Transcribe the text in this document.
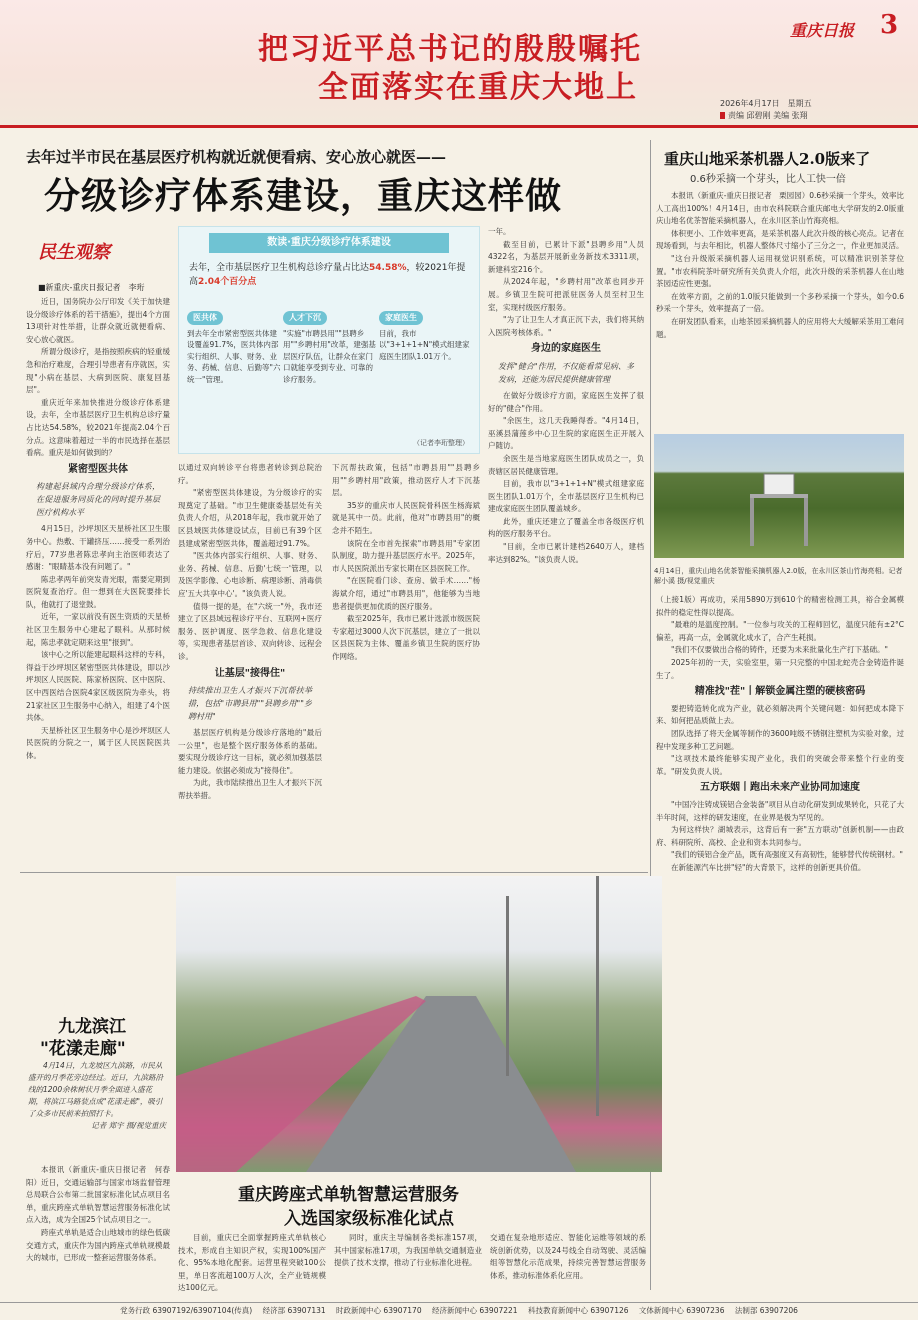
把习近平总书记的殷殷嘱托
全面落实在重庆大地上
重庆日报 3
2026年4月17日　星期五
责编 邱碧刚 美编 张翔
去年过半市民在基层医疗机构就近就便看病、安心放心就医——
分级诊疗体系建设，重庆这样做
民生观察
■新重庆-重庆日报记者　李珩

近日，国务院办公厅印发《关于加快建设分级诊疗体系的若干措施》，提出4个方面13项针对性举措，让群众就近就便看病、安心放心就医。

所谓分级诊疗，是指按照疾病的轻重缓急和治疗难度，合理引导患者有序就医，实现"小病在基层、大病到医院、康复回基层"。

重庆近年来加快推进分级诊疗体系建设，去年，全市基层医疗卫生机构总诊疗量占比达54.58%，较2021年提高2.04个百分点。这意味着超过一半的市民选择在基层看病。重庆是如何做到的？

紧密型医共体
构建起县域内合理分级诊疗体系，在促进服务同质化的同时提升基层医疗机构水平

4月15日，沙坪坝区天星桥社区卫生服务中心。热敷、干罐挤压……接受一系列治疗后，77岁患者陈忠孝向主治医师表达了感谢："眼睛基本没有问题了。"

陈忠孝两年前突发青光眼，需要定期到医院复查治疗。但一想到在大医院要排长队，他就打了退堂鼓。

近年，一家以前没有医生资质的天星桥社区卫生服务中心建起了眼科。从那时候起，陈忠孝就定期来这里"报到"。

该中心之所以能建起眼科这样的专科，得益于沙坪坝区紧密型医共体建设，即以沙坪坝区人民医院、陈家桥医院、区中医院、区中西医结合医院4家区级医院为牵头，将21家社区卫生服务中心纳入，组建了4个医共体。

天星桥社区卫生服务中心是沙坪坝区人民医院的分院之一，属于区人民医院医共体。

数读·重庆分级诊疗体系建设
去年，全市基层医疗卫生机构总诊疗量占比达54.58%，较2021年提高2.04个百分点
医共体
到去年全市紧密型医共体建设覆盖91.7%，医共体内部实行组织、人事、财务、业务、药械、信息、后勤等"六统一"管理。
人才下沉
"实施"市聘县用""县聘乡用""乡聘村用"改革，建强基层医疗队伍，让群众在家门口就能享受到专业、可靠的诊疗服务。
家庭医生
目前，我市以"3+1+1+N"模式组建家庭医生团队1.01万个。
（记者李珩整理）

以通过双向转诊平台将患者转诊到总院治疗。

"紧密型医共体建设，为分级诊疗的实现奠定了基础。"市卫生健康委基层处有关负责人介绍，从2018年起，我市就开始了区县域医共体建设试点，目前已有39个区县建成紧密型医共体，覆盖超过91.7%。

"医共体内部实行组织、人事、财务、业务、药械、信息、后勤'七统一'管理，以及医学影像、心电诊断、病理诊断、消毒供应'五大共享中心'。"该负责人说。

值得一提的是，在"六统一"外，我市还建立了区县域远程诊疗平台、互联网+医疗服务、医护调度、医学急救、信息化建设等，实现患者基层首诊、双向转诊、远程会诊。

让基层"接得住"
持续推出卫生人才振兴下沉帮扶举措，包括"市聘县用""县聘乡用""乡聘村用"

基层医疗机构是分级诊疗落地的"最后一公里"，也是整个医疗服务体系的基础。要实现分级诊疗这一目标，就必须加强基层能力建设。依据必须成为"接得住"。

为此，我市陆续推出卫生人才振兴下沉帮扶举措。

下沉帮扶政策，包括"市聘县用""县聘乡用""乡聘村用"政策，推动医疗人才下沉基层。

35岁的重庆市人民医院骨科医生杨海斌就是其中一员。此前，他对"市聘县用"的概念并不陌生。

该院在全市首先探索"市聘县用"专家团队制度，助力提升基层医疗水平。2025年，市人民医院派出专家长期在区县医院工作。

"在医院看门诊、查房、做手术……"杨海斌介绍，通过"市聘县用"，他能够为当地患者提供更加优质的医疗服务。

截至2025年，我市已累计选派市级医院专家超过3000人次下沉基层，建立了一批以区县医院为主体、覆盖乡镇卫生院的医疗协作网络。

一年。

截至目前，已累计下派"县聘乡用"人员4322名，为基层开展新业务新技术3311项，新建科室216个。

从2024年起，"乡聘村用"改革也同步开展。乡镇卫生院可把派驻医务人员至村卫生室，实现村级医疗服务。

"为了让卫生人才真正沉下去，我们将其纳入医院考核体系。"

身边的家庭医生
发挥"健合"作用，不仅能看常见病、多发病，还能为居民提供健康管理

在做好分级诊疗方面，家庭医生发挥了很好的"健合"作用。

"余医生，这几天我睡得香。"4月14日，巫溪县蒲莲乡中心卫生院的家庭医生正开展入户随访。

余医生是当地家庭医生团队成员之一，负责辖区居民健康管理。

目前，我市以"3+1+1+N"模式组建家庭医生团队1.01万个，全市基层医疗卫生机构已建成家庭医生团队覆盖城乡。

此外，重庆还建立了覆盖全市各级医疗机构的医疗服务平台。

"目前，全市已累计建档2640万人，建档率达到82%。"该负责人说。

重庆山地采茶机器人2.0版来了
0.6秒采摘一个芽头，比人工快一倍

本报讯（新重庆-重庆日报记者　栗园园）0.6秒采摘一个芽头，效率比人工高出100%！4月14日，由市农科院联合重庆邮电大学研发的2.0版重庆山地名优茶智能采摘机器人，在永川区茶山竹海亮相。

体积更小、工作效率更高，是采茶机器人此次升级的核心亮点。记者在现场看到，与去年相比，机器人整体尺寸缩小了三分之一，作业更加灵活。

"这台升级版采摘机器人运用视觉识别系统，可以精准识别茶芽位置。"市农科院茶叶研究所有关负责人介绍，此次升级的采茶机器人在山地茶园适应性更强。

在效率方面，之前的1.0版只能做到一个多秒采摘一个芽头，如今0.6秒采一个芽头，效率提高了一倍。

在研发团队看来，山地茶园采摘机器人的应用将大大缓解采茶用工难问题。

4月14日，重庆山地名优茶智能采摘机器人2.0版，在永川区茶山竹海亮相。记者 解小溪 摄/视觉重庆

（上接1版）再成功，采用5890万到610个的精密检测工具，裕合金属模拟件的稳定性得以提高。

"最难的是温度控制。"一位参与攻关的工程师回忆，温度只能有±2°C偏差，再高一点，金属就化成水了，合产生耗损。

"我们不仅要做出合格的铸件，还要为未来批量化生产打下基础。"

2025年初的一天，实验室里，第一只完整的中国北蛇壳合金铸造件诞生了。

精准找"茬"丨解锁金属注塑的硬核密码

要把铸造转化成为产业，就必须解决两个关键问题：如何把成本降下来、如何把品质做上去。

团队选择了将天金属等制作的3600吨级不锈钢注塑机为实验对象，过程中发现多种工艺问题。

"这项技术最终能够实现产业化，我们的突破会带来整个行业的变革。"研发负责人说。

五方联姻丨跑出未来产业协同加速度

"中国冷注铸成镁铝合金装备"项目从自动化研发到成果转化，只花了大半年时间，这样的研发速度，在业界是极为罕见的。

为何这样快？湖城表示，这背后有一套"五方联动"创新机制——由政府、科研院所、高校、企业和资本共同参与。

"我们的镁铝合金产品，既有高强度又有高韧性，能够替代传统钢材。"

在新能源汽车比拼"轻"的大背景下，这样的创新更具价值。

九龙滨江
"花漾走廊"

4月14日，九龙坡区九滨路，市民从盛开的月季花旁边经过。近日，九滨路沿线的1200余株树状月季全面进入盛花期，将滨江马路装点成"花漾走廊"，吸引了众多市民前来拍照打卡。

记者 郑宇 摄/视觉重庆

重庆跨座式单轨智慧运营服务
入选国家级标准化试点

本报讯（新重庆-重庆日报记者　何春阳）近日，交通运输部与国家市场监督管理总局联合公布第二批国家标准化试点项目名单，重庆跨座式单轨智慧运营服务标准化试点入选，成为全国25个试点项目之一。

跨座式单轨是适合山地城市的绿色低碳交通方式，重庆作为国内跨座式单轨规模最大的城市，已形成一整套运营服务体系。

目前，重庆已全面掌握跨座式单轨核心技术，形成自主知识产权，实现100%国产化、95%本地化配套。运营里程突破100公里，单日客流超100万人次，全产业链规模达100亿元。

同时，重庆主导编制各类标准157项，其中国家标准17项，为我国单轨交通制造业提供了技术支撑，推动了行业标准化进程。

交通在复杂地形适应、智能化运维等领域的系统创新优势，以及24号线全自动驾驶、灵活编组等智慧化示范成果，持续完善智慧运营服务体系，推动标准体系化应用。

党务行政 63907192/63907104(传真) 经济部 63907131 时政新闻中心 63907170 经济新闻中心 63907221 科技教育新闻中心 63907126 文体新闻中心 63907236 法制部 63907206
